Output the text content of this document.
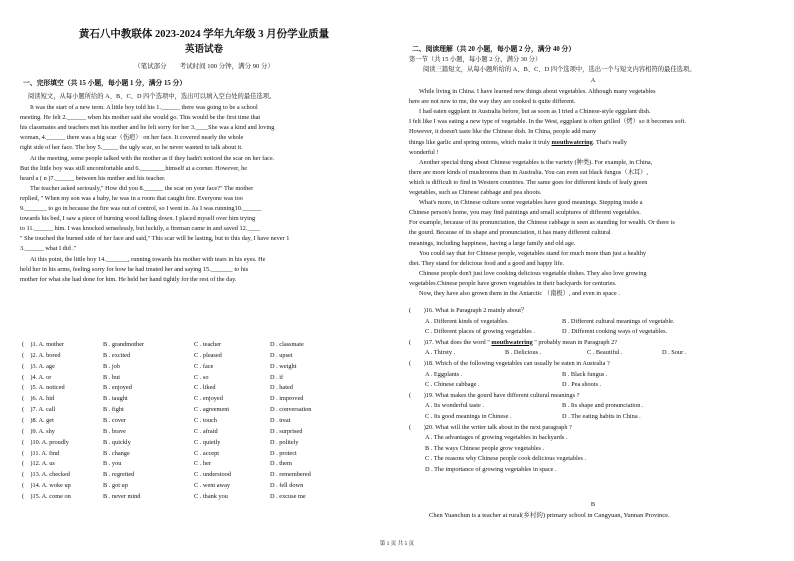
黄石八中教联体 2023-2024 学年九年级 3 月份学业质量
英语试卷
（笔试部分　　考试时间 100 分钟，满分 90 分）
一、完形填空（共 15 小题，每小题 1 分，满分 15 分）
阅读短文，从每小题所给的 A、B、C、D 四个选项中，选出可以填入空白处的最佳选项。
It was the start of a new term. A little boy told his 1.______ there was going to be a school
meeting. He felt 2.______ when his mother said she would go. This would be the first time that
his classmates and teachers met his mother and he felt sorry for her 3.____She was a kind and loving
woman, 4.______ there was a big scar（伤疤） on her face. It covered nearly the whole
right side of her face. The boy 5._____ the ugly scar, so he never wanted to talk about it.
At the meeting, some people talked with the mother as if they hadn't noticed the scar on her face.
But the little boy was still uncomfortable and 6.________himself at a corner. However, he
heard a ( n )7.______ between his mother and his teacher.
The teacher asked seriously," How did you 8.______ the scar on your face?" The mother
replied, " When my son was a baby, he was in a room that caught fire. Everyone was too
9._______ to go in because the fire was out of control, so I went in. As I was running10.______
towards his bed, I saw a piece of burning wood falling down. I placed myself over him trying
to 11.______ him. I was knocked senselessly, but luckily, a fireman came in and saved 12.____
" She touched the burned side of her face and said," This scar will be lasting, but to this day, I have never 1
3.______ what I did ."
At this point, the little boy 14._______, running towards his mother with tears in his eyes. He
held her in his arms, feeling sorry for how he had treated her and saying 15._______ to his
mother for what she had done for him. He held her hand tightly for the rest of the day.
(　)1. A. mother	B . grandmother	C . teacher	D . classmate
(　)2. A. bored	B . excited	C . pleased	D . upset
(　)3. A. age	B . job	C . face	D . weight
(　)4. A. or	B . but	C . so	D . if
(　)5. A. noticed	B . enjoyed	C . liked	D . hated
(　)6. A. hid	B . taught	C . enjoyed	D . improved
(　)7. A. call	B . fight	C . agreement	D . conversation
(　)8. A. get	B . cover	C . touch	D . treat
(　)9. A. shy	B . brave	C . afraid	D . surprised
(　)10. A. proudly	B . quickly	C . quietly	D . politely
(　)11. A. find	B . change	C . accept	D . protect
(　)12. A. us	B . you	C . her	D . them
(　)13. A. checked	B . regretted	C . understood	D . remembered
(　)14. A. woke up	B . got up	C . went away	D . fell down
(　)15. A. come on	B . never mind	C . thank you	D . excuse me
二、阅读理解（共 20 小题，每小题 2 分，满分 40 分）
第一节（共 15 小题，每小题 2 分，满分 30 分）
阅读三篇短文，从每小题所给的 A、B、C、D 四个选项中，选出一个与短文内容相符的最佳选项。
A
While living in China. I have learned new things about vegetables. Although many vegetables
here are not new to me, the way they are cooked is quite different.
I had eaten eggplant in Australia before, but as soon as I tried a Chinese-style eggplant dish.
I felt like I was eating a new type of vegetable. In the West, eggplant is often grilled（烤）so it becomes soft.
However, it doesn't taste like the Chinese dish. In China, people add many
things like garlic and spring onions, which make it truly mouthwatering. That's really
wonderful !
Another special thing about Chinese vegetables is the variety (种类). For example, in China,
there are more kinds of mushrooms than in Australia. You can even eat black fungus（木耳）,
which is difficult to find in Western countries. The same goes for different kinds of leafy green
vegetables, such as Chinese cabbage and pea shoots.
What's more, in Chinese culture some vegetables have good meanings. Stepping inside a
Chinese person's home, you may find paintings and small sculptures of different vegetables.
For example, because of its pronunciation, the Chinese cabbage is seen as standing for wealth. Or there is
the gourd. Because of its shape and pronunciation, it has many different cultural
meanings, including happiness, having a large family and old age.
You could say that for Chinese people, vegetables stand for much more than just a healthy
diet. They stand for delicious food and a good and happy life.
Chinese people don't just love cooking delicious vegetable dishes. They also love growing
vegetables.Chinese people have grown vegetables in their backyards for centuries.
Now, they have also grown them in the Antarctic （南极）, and even in space .
(　　)16. What is Paragraph 2 mainly about？
A . Different kinds of vegetables.	B . Different cultural meanings of vegetable.
C . Different places of growing vegetables .	D . Different cooking ways of vegetables.
(　　)17. What does the word " mouthwatering " probably mean in Paragraph 2?
A . Thirsty .	B . Delicious .	C . Beautiful .	D . Sour .
(　　)18. Which of the following vegetables can usually be eaten in Australia ?
A . Eggplants .	B . Black fungus .
C . Chinese cabbage .	D . Pea shoots .
(　　)19. What makes the gourd have different cultural meanings ?
A . Its wonderful taste .	B . Its shape and pronunciation .
C . Its good meanings in Chinese .	D . The eating habits in China .
(　　)20. What will the writer talk about in the next paragraph ?
A . The advantages of growing vegetables in backyards .
B . The ways Chinese people grow vegetables .
C . The reasons why Chinese people cook delicious vegetables .
D . The importance of growing vegetables in space .
B
Chen Yuanchun is a teacher at rural(乡村的) primary school in Cangyuan, Yunnan Province.
第 1 页 共 5 页
